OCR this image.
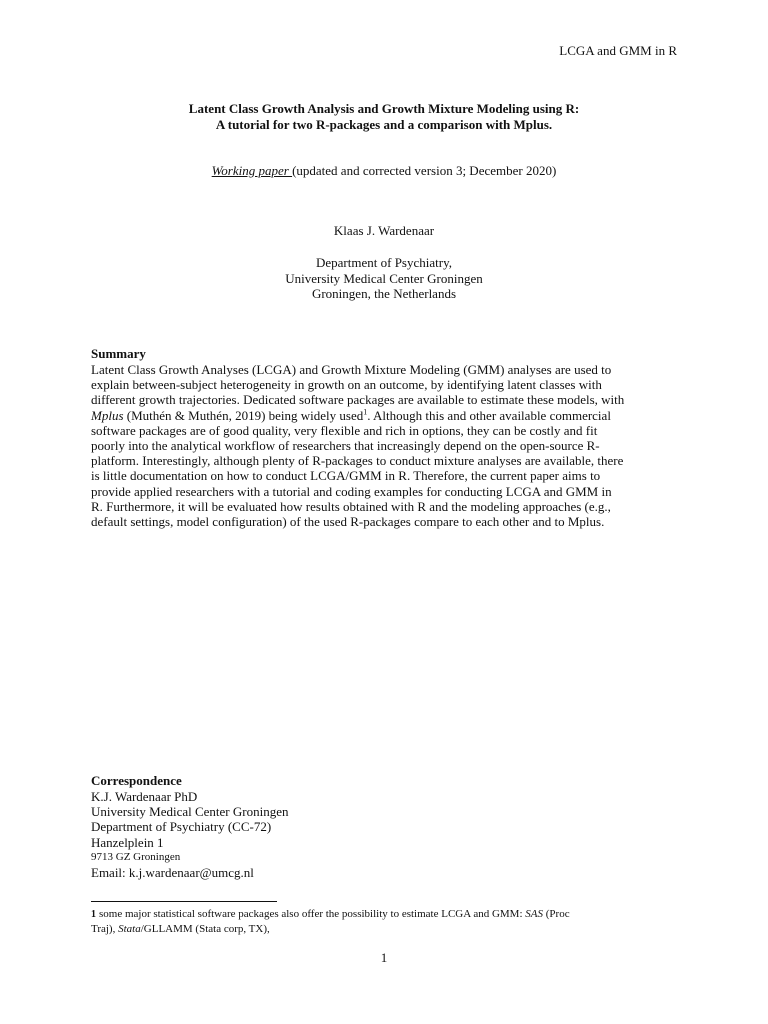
LCGA and GMM in R
Latent Class Growth Analysis and Growth Mixture Modeling using R:
A tutorial for two R-packages and a comparison with Mplus.
Working paper (updated and corrected version 3; December 2020)
Klaas J. Wardenaar
Department of Psychiatry,
University Medical Center Groningen
Groningen, the Netherlands
Summary
Latent Class Growth Analyses (LCGA) and Growth Mixture Modeling (GMM) analyses are used to
explain between-subject heterogeneity in growth on an outcome, by identifying latent classes with
different growth trajectories. Dedicated software packages are available to estimate these models, with
Mplus (Muthén & Muthén, 2019) being widely used$^1$. Although this and other available commercial
software packages are of good quality, very flexible and rich in options, they can be costly and fit
poorly into the analytical workflow of researchers that increasingly depend on the open-source R-
platform. Interestingly, although plenty of R-packages to conduct mixture analyses are available, there
is little documentation on how to conduct LCGA/GMM in R. Therefore, the current paper aims to
provide applied researchers with a tutorial and coding examples for conducting LCGA and GMM in
R. Furthermore, it will be evaluated how results obtained with R and the modeling approaches (e.g.,
default settings, model configuration) of the used R-packages compare to each other and to Mplus.
Correspondence
K.J. Wardenaar PhD
University Medical Center Groningen
Department of Psychiatry (CC-72)
Hanzelplein 1
9713 GZ Groningen
Email: k.j.wardenaar@umcg.nl
1 some major statistical software packages also offer the possibility to estimate LCGA and GMM: SAS (Proc
Traj), Stata/GLLAMM (Stata corp, TX),
1
